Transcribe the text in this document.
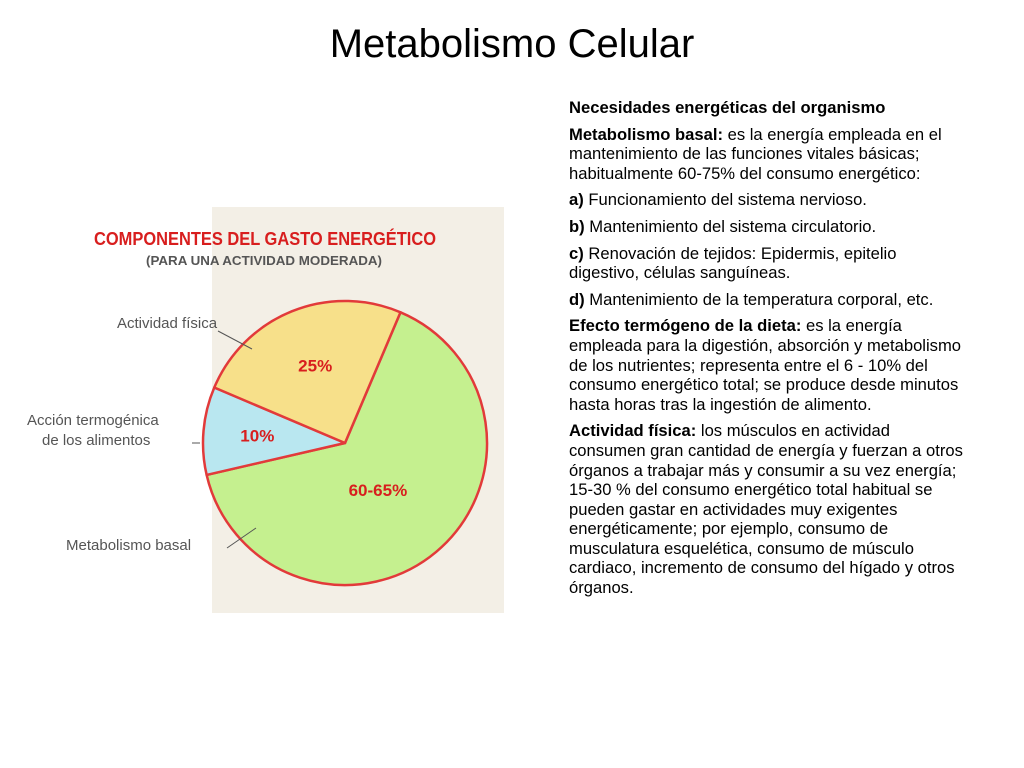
Metabolismo Celular
COMPONENTES DEL GASTO ENERGÉTICO
(PARA UNA ACTIVIDAD MODERADA)
25%
10%
60-65%
Actividad física
Acción termogénica
de los alimentos
Metabolismo basal

Necesidades energéticas del organismo

Metabolismo basal: es la energía empleada en el mantenimiento de las funciones vitales básicas; habitualmente 60-75% del consumo energético:

a) Funcionamiento del sistema nervioso.

b) Mantenimiento del sistema circulatorio.

c) Renovación de tejidos: Epidermis, epitelio digestivo, células sanguíneas.

d) Mantenimiento de la temperatura corporal, etc.

Efecto termógeno de la dieta: es la energía empleada para la digestión, absorción y metabolismo de los nutrientes; representa entre el 6 - 10% del consumo energético total; se produce desde minutos hasta horas tras la ingestión de alimento.

Actividad física: los músculos en actividad consumen gran cantidad de energía y fuerzan a otros órganos a trabajar más y consumir a su vez energía; 15-30 % del consumo energético total habitual se pueden gastar en actividades muy exigentes energéticamente; por ejemplo, consumo de musculatura esquelética, consumo de músculo cardiaco, incremento de consumo del hígado y otros órganos.
